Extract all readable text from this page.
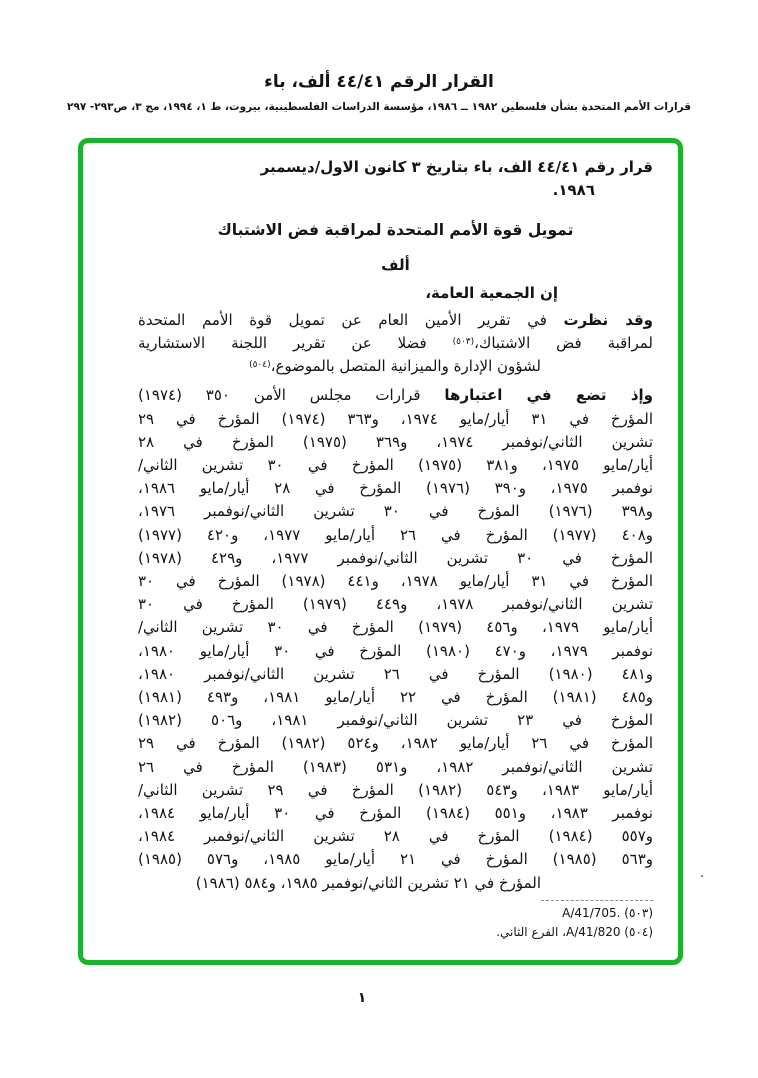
القرار الرقم ٤٤/٤١ ألف، باء
قرارات الأمم المتحدة بشأن فلسطين ١٩٨٢ ــ ١٩٨٦، مؤسسة الدراسات الفلسطينية، بيروت، ط ١، ١٩٩٤، مج ٣، ص٢٩٣- ٢٩٧
قرار رقم ٤٤/٤١ الف، باء بتاريخ ٣ كانون الاول/ديسمبر
١٩٨٦.
تمويل قوة الأمم المتحدة لمراقبة فض الاشتباك
ألف
إن الجمعية العامة،
وقد نظرت في تقرير الأمين العام عن تمويل قوة الأمم المتحدة
لمراقبة فض الاشتباك،$^{(٥٠٣)}$ فضلا عن تقرير اللجنة الاستشارية
لشؤون الإدارة والميزانية المتصل بالموضوع،$^{(٥٠٤)}$
وإذ تضع في اعتبارها قرارات مجلس الأمن ٣٥٠ (١٩٧٤)
المؤرخ في ٣١ أيار/مايو ١٩٧٤، و٣٦٣ (١٩٧٤) المؤرخ في ٢٩
تشرين الثاني/نوفمبر ١٩٧٤، و٣٦٩ (١٩٧٥) المؤرخ في ٢٨
أيار/مايو ١٩٧٥، و٣٨١ (١٩٧٥) المؤرخ في ٣٠ تشرين الثاني/
نوفمبر ١٩٧٥، و٣٩٠ (١٩٧٦) المؤرخ في ٢٨ أيار/مايو ١٩٨٦،
و٣٩٨ (١٩٧٦) المؤرخ في ٣٠ تشرين الثاني/نوفمبر ١٩٧٦،
و٤٠٨ (١٩٧٧) المؤرخ في ٢٦ أيار/مايو ١٩٧٧، و٤٢٠ (١٩٧٧)
المؤرخ في ٣٠ تشرين الثاني/نوفمبر ١٩٧٧، و٤٢٩ (١٩٧٨)
المؤرخ في ٣١ أيار/مايو ١٩٧٨، و٤٤١ (١٩٧٨) المؤرخ في ٣٠
تشرين الثاني/نوفمبر ١٩٧٨، و٤٤٩ (١٩٧٩) المؤرخ في ٣٠
أيار/مايو ١٩٧٩، و٤٥٦ (١٩٧٩) المؤرخ في ٣٠ تشرين الثاني/
نوفمبر ١٩٧٩، و٤٧٠ (١٩٨٠) المؤرخ في ٣٠ أيار/مايو ١٩٨٠،
و٤٨١ (١٩٨٠) المؤرخ في ٢٦ تشرين الثاني/نوفمبر ١٩٨٠،
و٤٨٥ (١٩٨١) المؤرخ في ٢٢ أيار/مايو ١٩٨١، و٤٩٣ (١٩٨١)
المؤرخ في ٢٣ تشرين الثاني/نوفمبر ١٩٨١، و٥٠٦ (١٩٨٢)
المؤرخ في ٢٦ أيار/مايو ١٩٨٢، و٥٢٤ (١٩٨٢) المؤرخ في ٢٩
تشرين الثاني/نوفمبر ١٩٨٢، و٥٣١ (١٩٨٣) المؤرخ في ٢٦
أيار/مايو ١٩٨٣، و٥٤٣ (١٩٨٢) المؤرخ في ٢٩ تشرين الثاني/
نوفمبر ١٩٨٣، و٥٥١ (١٩٨٤) المؤرخ في ٣٠ أيار/مايو ١٩٨٤،
و٥٥٧ (١٩٨٤) المؤرخ في ٢٨ تشرين الثاني/نوفمبر ١٩٨٤،
و٥٦٣ (١٩٨٥) المؤرخ في ٢١ أيار/مايو ١٩٨٥، و٥٧٦ (١٩٨٥)
المؤرخ في ٢١ تشرين الثاني/نوفمبر ١٩٨٥، و٥٨٤ (١٩٨٦)
(٥٠٣) A/41/705.
(٥٠٤) A/41/820، الفرع الثاني.
.
١
